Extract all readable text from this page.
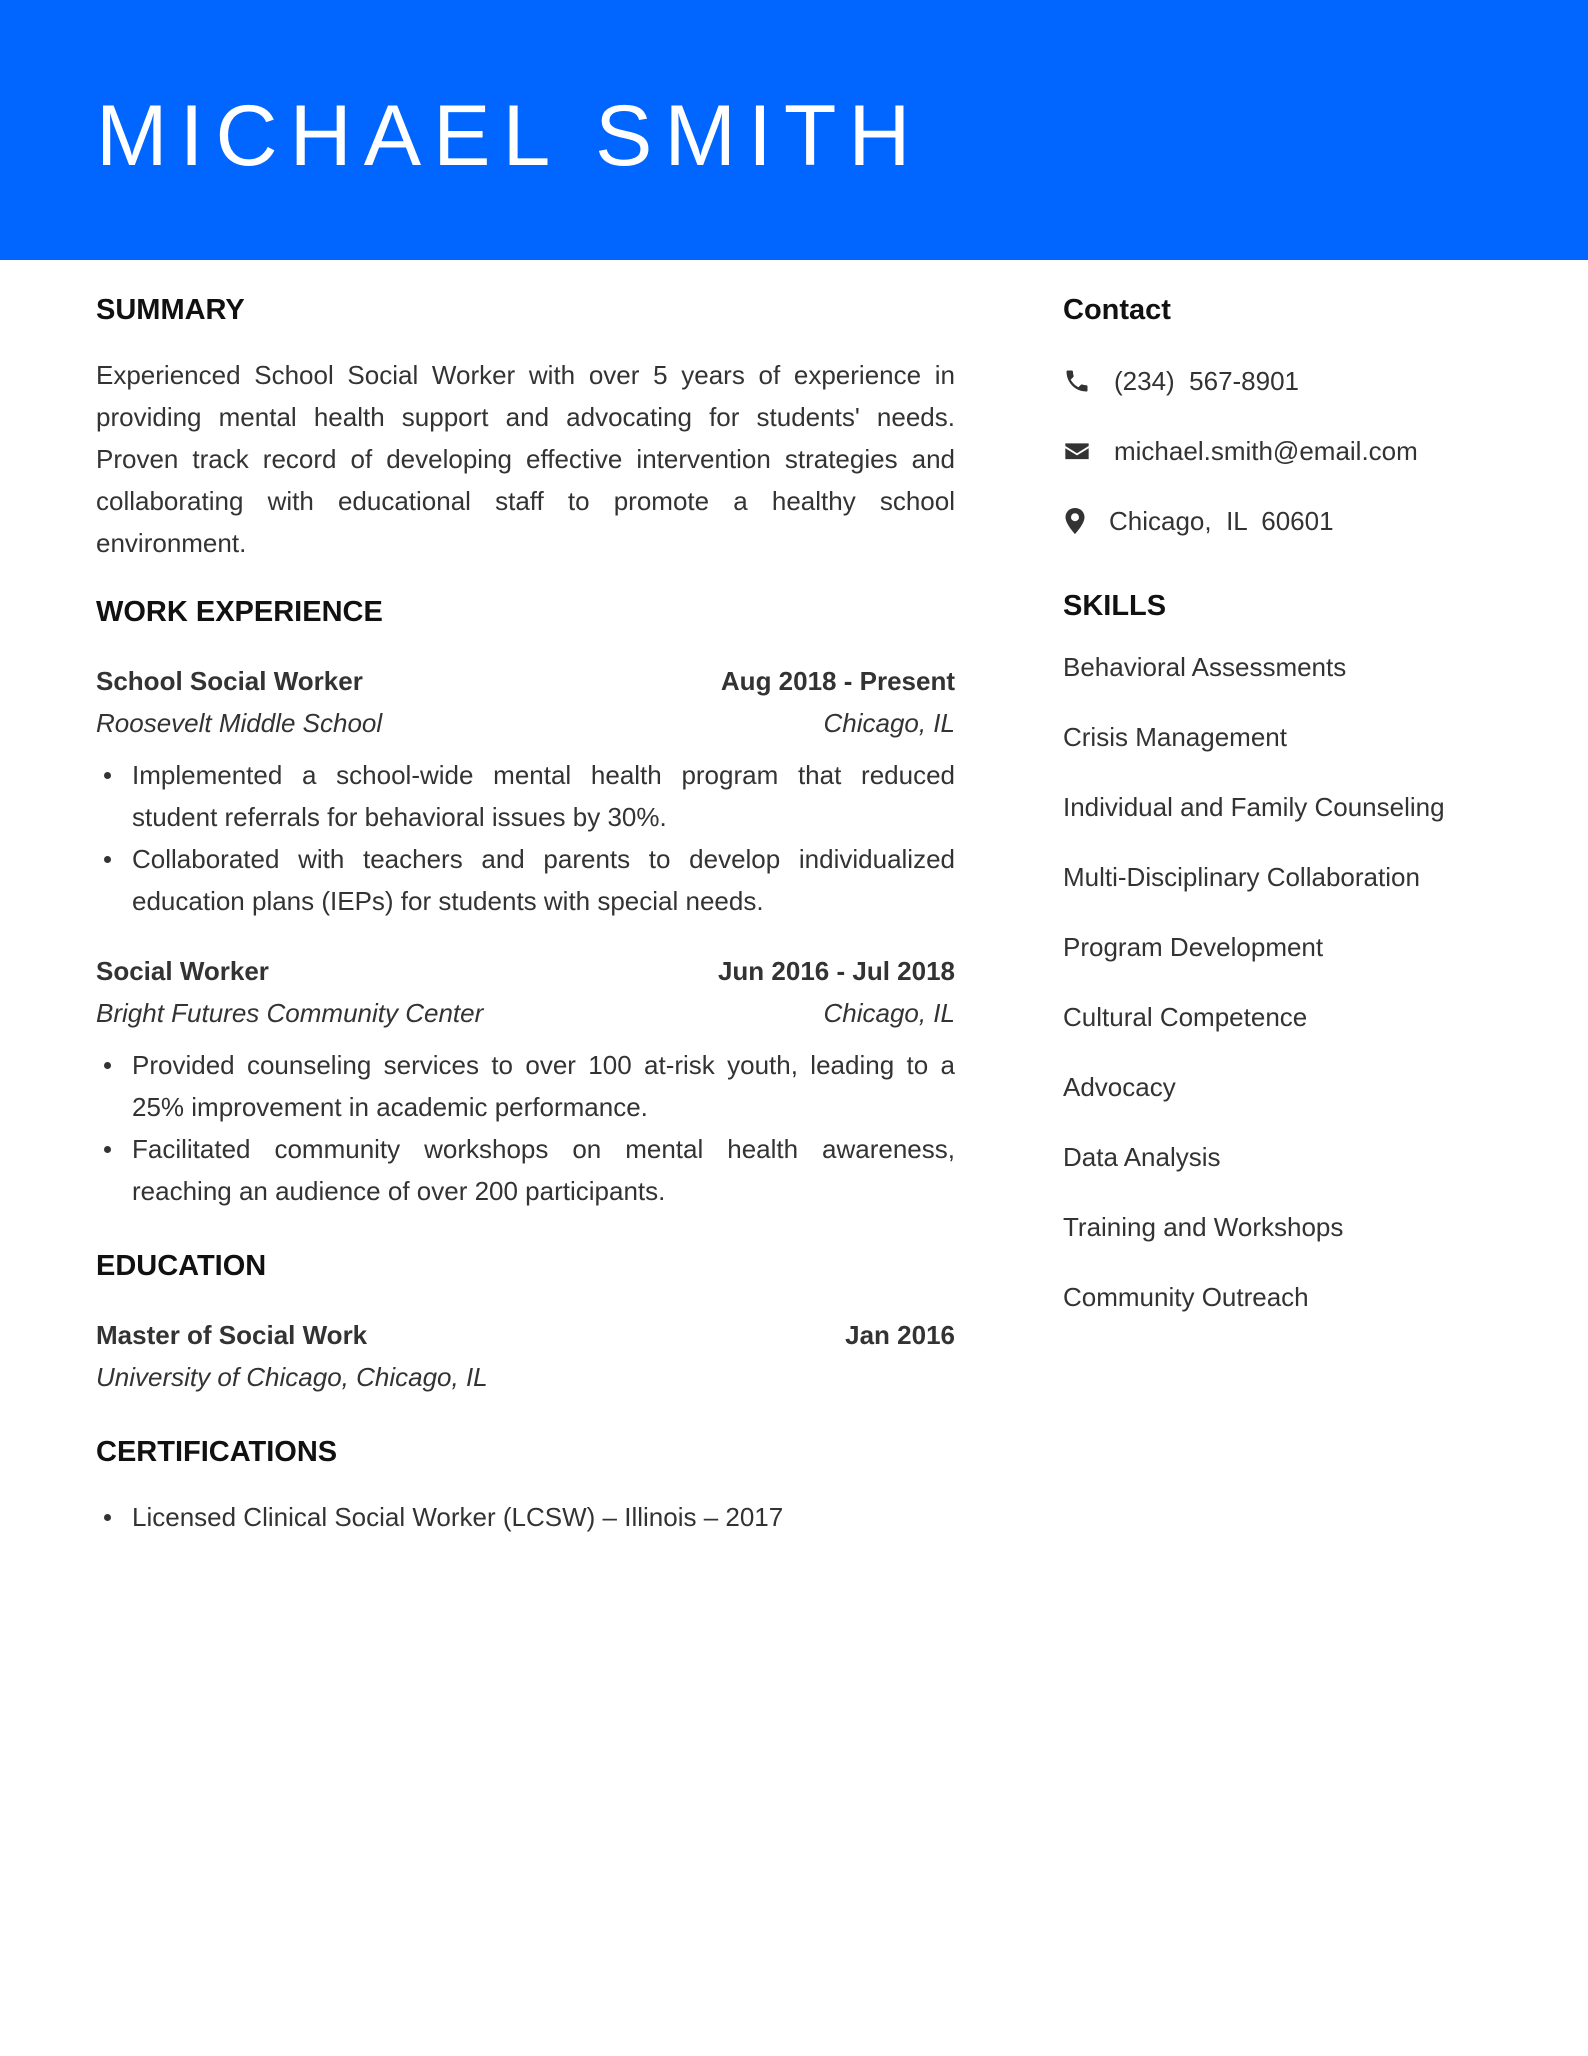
MICHAEL SMITH
SUMMARY

Experienced School Social Worker with over 5 years of experience in providing mental health support and advocating for students' needs. Proven track record of developing effective intervention strategies and collaborating with educational staff to promote a healthy school environment.

WORK EXPERIENCE
School Social Worker	Aug 2018 - Present
Roosevelt Middle School	Chicago, IL
Implemented a school-wide mental health program that reduced student referrals for behavioral issues by 30%.
Collaborated with teachers and parents to develop individualized education plans (IEPs) for students with special needs.
Social Worker	Jun 2016 - Jul 2018
Bright Futures Community Center	Chicago, IL
Provided counseling services to over 100 at-risk youth, leading to a 25% improvement in academic performance.
Facilitated community workshops on mental health awareness, reaching an audience of over 200 participants.
EDUCATION
Master of Social Work	Jan 2016
University of Chicago, Chicago, IL
CERTIFICATIONS
Licensed Clinical Social Worker (LCSW) – Illinois – 2017
Contact
(234)  567-8901
michael.smith@email.com
Chicago,  IL  60601
SKILLS
Behavioral Assessments
Crisis Management
Individual and Family Counseling
Multi-Disciplinary Collaboration
Program Development
Cultural Competence
Advocacy
Data Analysis
Training and Workshops
Community Outreach
